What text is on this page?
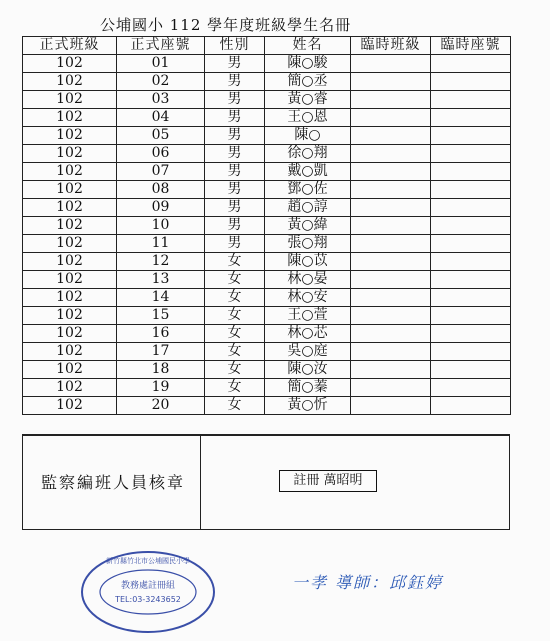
公埔國小 112 學年度班級學生名冊
正式班級	正式座號	性別	姓名	臨時班級	臨時座號
102	01	男	陳○駿		
102	02	男	簡○丞		
102	03	男	黃○睿		
102	04	男	王○恩		
102	05	男	陳○		
102	06	男	徐○翔		
102	07	男	戴○凱		
102	08	男	鄧○佐		
102	09	男	趙○諄		
102	10	男	黃○緯		
102	11	男	張○翔		
102	12	女	陳○苡		
102	13	女	林○晏		
102	14	女	林○安		
102	15	女	王○萱		
102	16	女	林○芯		
102	17	女	吳○庭		
102	18	女	陳○汝		
102	19	女	簡○蓁		
102	20	女	黃○忻		
監察編班人員核章	註冊 萬昭明
新竹縣竹北市公埔國民小學
教務處註冊組
TEL:03-3243652
一孝 導師：邱鈺婷
